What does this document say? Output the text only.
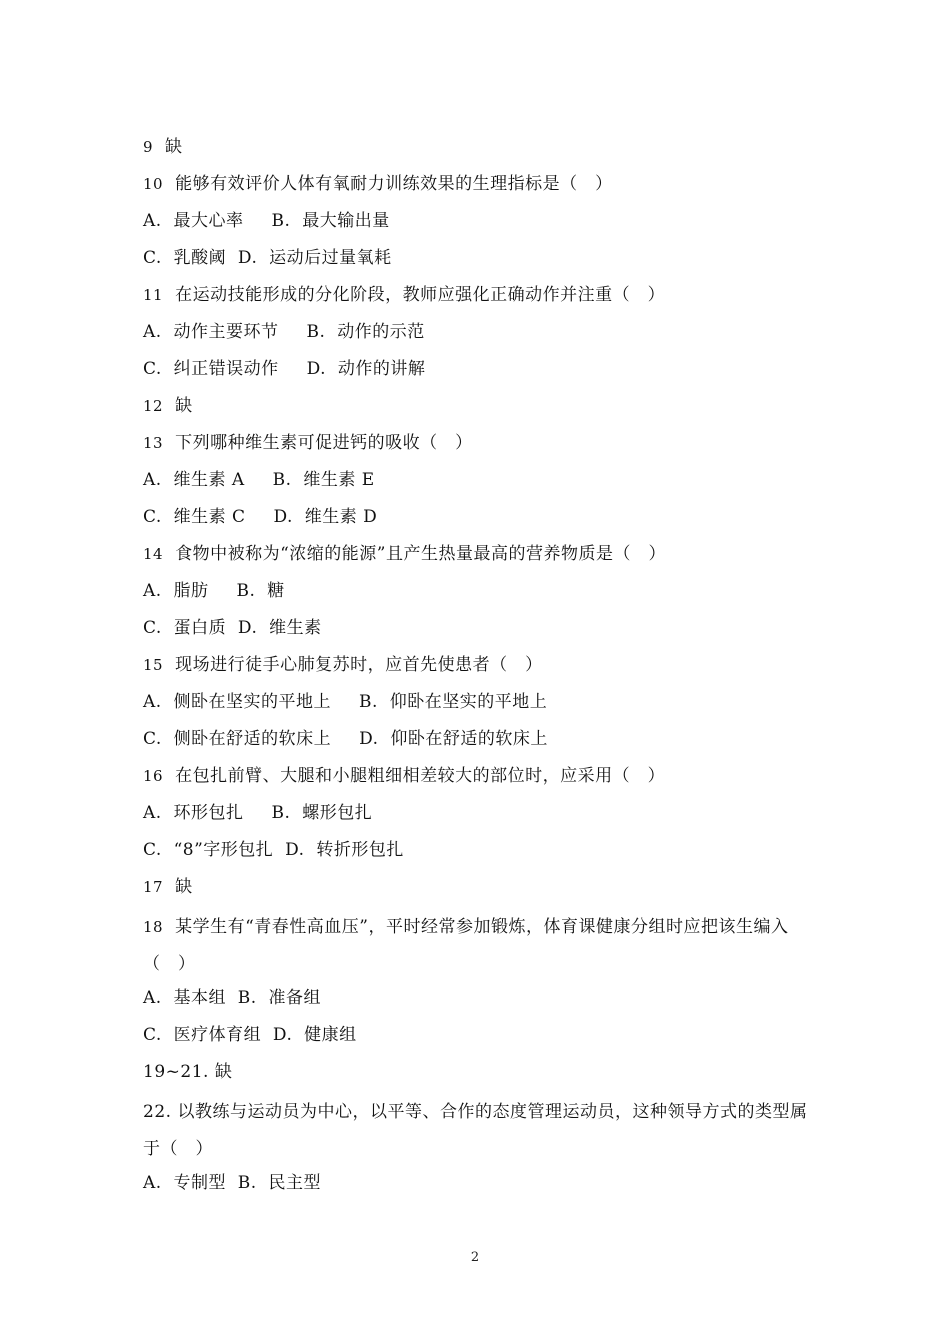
9 缺
10 能够有效评价人体有氧耐力训练效果的生理指标是（　）
A.  最大心率 B.  最大输出量
C.  乳酸阈  D.  运动后过量氧耗
11 在运动技能形成的分化阶段，教师应强化正确动作并注重（　）
A.  动作主要环节 B.  动作的示范
C.  纠正错误动作 D.  动作的讲解
12 缺
13 下列哪种维生素可促进钙的吸收（　）
A.  维生素 A B.  维生素 E
C.  维生素 C D.  维生素 D
14 食物中被称为“浓缩的能源”且产生热量最高的营养物质是（　）
A.  脂肪 B.  糖
C.  蛋白质  D.  维生素
15 现场进行徒手心肺复苏时，应首先使患者（　）
A.  侧卧在坚实的平地上 B.  仰卧在坚实的平地上
C.  侧卧在舒适的软床上 D.  仰卧在舒适的软床上
16 在包扎前臂、大腿和小腿粗细相差较大的部位时，应采用（　）
A.  环形包扎 B.  螺形包扎
C.  “8”字形包扎  D.  转折形包扎
17 缺
18 某学生有“青春性高血压”，平时经常参加锻炼，体育课健康分组时应把该生编入（　）
A.  基本组  B.  准备组
C.  医疗体育组  D.  健康组
19~21. 缺
22. 以教练与运动员为中心，以平等、合作的态度管理运动员，这种领导方式的类型属于（　）
A.  专制型  B.  民主型
2
